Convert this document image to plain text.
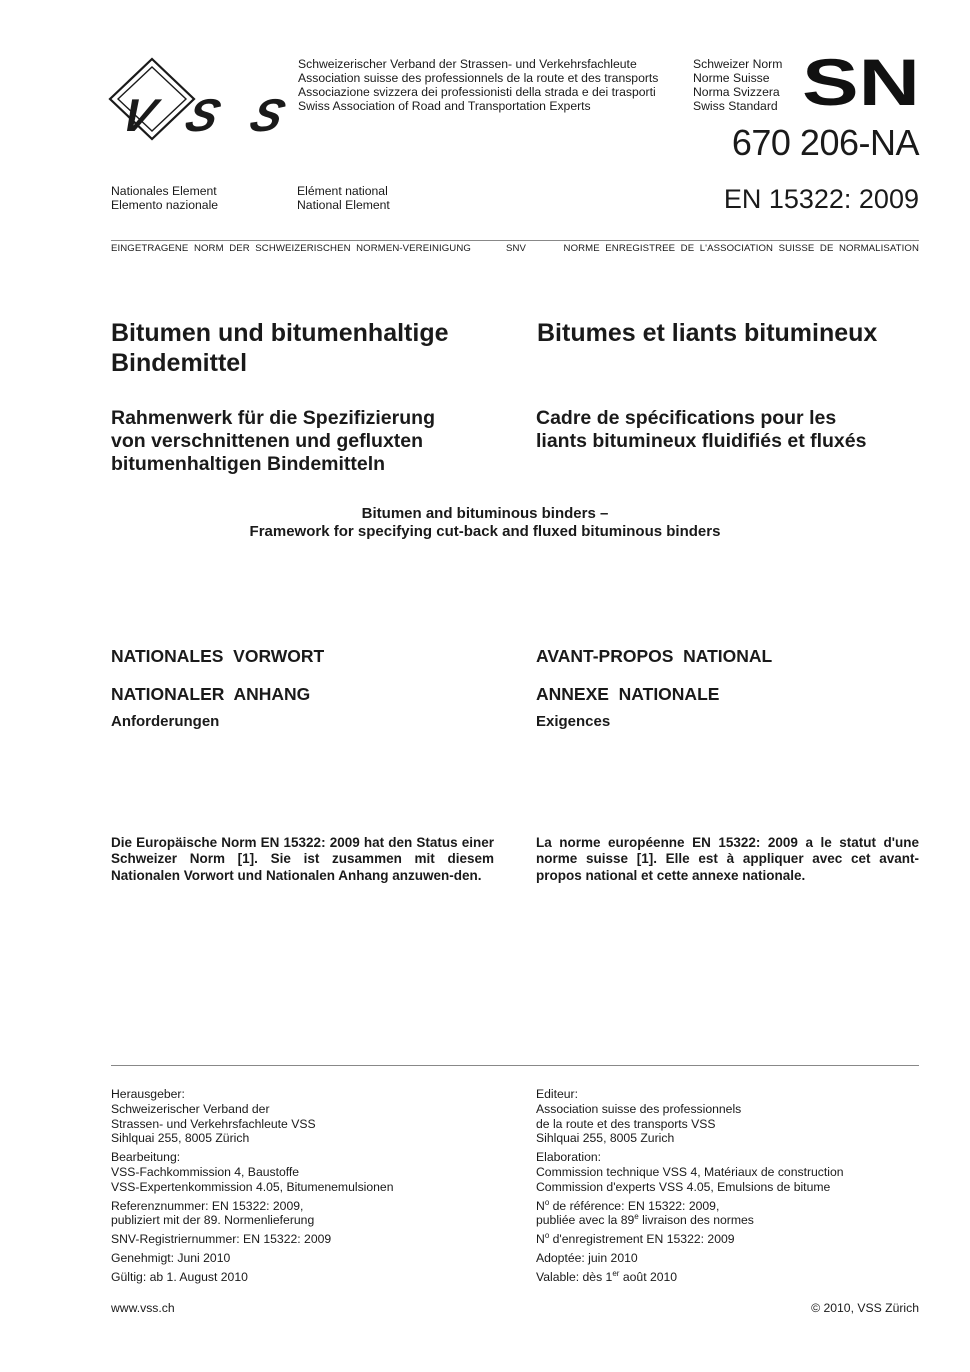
VSS
Schweizerischer Verband der Strassen- und Verkehrsfachleute
Association suisse des professionnels de la route et des transports
Associazione svizzera dei professionisti della strada e dei trasporti
Swiss Association of Road and Transportation Experts
Schweizer Norm
Norme Suisse
Norma Svizzera
Swiss Standard SN
670 206-NA
EN 15322: 2009
Nationales Element
Elemento nazionale
Elément national
National Element
EINGETRAGENE  NORM  DER  SCHWEIZERISCHEN  NORMEN-VEREINIGUNG	SNV	NORME  ENREGISTREE  DE  L'ASSOCIATION  SUISSE  DE  NORMALISATION
Bitumen und bitumenhaltige
Bindemittel
Bitumes et liants bitumineux
Rahmenwerk für die Spezifizierung
von verschnittenen und gefluxten
bitumenhaltigen Bindemitteln
Cadre de spécifications pour les
liants bitumineux fluidifiés et fluxés
Bitumen and bituminous binders –
Framework for specifying cut-back and fluxed bituminous binders
NATIONALES  VORWORT	AVANT-PROPOS  NATIONAL
NATIONALER  ANHANG	ANNEXE  NATIONALE
Anforderungen	Exigences
Die Europäische Norm EN 15322: 2009 hat den Status einer Schweizer Norm [1]. Sie ist zusammen mit diesem Nationalen Vorwort und Nationalen Anhang anzuwen-den.
La norme européenne EN 15322: 2009 a le statut d'une norme suisse [1]. Elle est à appliquer avec cet avant-propos national et cette annexe nationale.

Herausgeber:

Schweizerischer Verband der

Strassen- und Verkehrsfachleute VSS

Sihlquai 255, 8005 Zürich

Bearbeitung:

VSS-Fachkommission 4, Baustoffe

VSS-Expertenkommission 4.05, Bitumenemulsionen

Referenznummer: EN 15322: 2009,

publiziert mit der 89. Normenlieferung

SNV-Registriernummer: EN 15322: 2009

Genehmigt: Juni 2010

Gültig: ab 1. August 2010

Editeur:

Association suisse des professionnels

de la route et des transports VSS

Sihlquai 255, 8005 Zurich

Elaboration:

Commission technique VSS 4, Matériaux de construction

Commission d'experts VSS 4.05, Emulsions de bitume

$N^o$ de référence: EN 15322: 2009,

publiée avec la 89e livraison des normes

$N^o$ d'enregistrement EN 15322: 2009

Adoptée: juin 2010

Valable: dès 1er août 2010

www.vss.ch	© 2010, VSS Zürich
